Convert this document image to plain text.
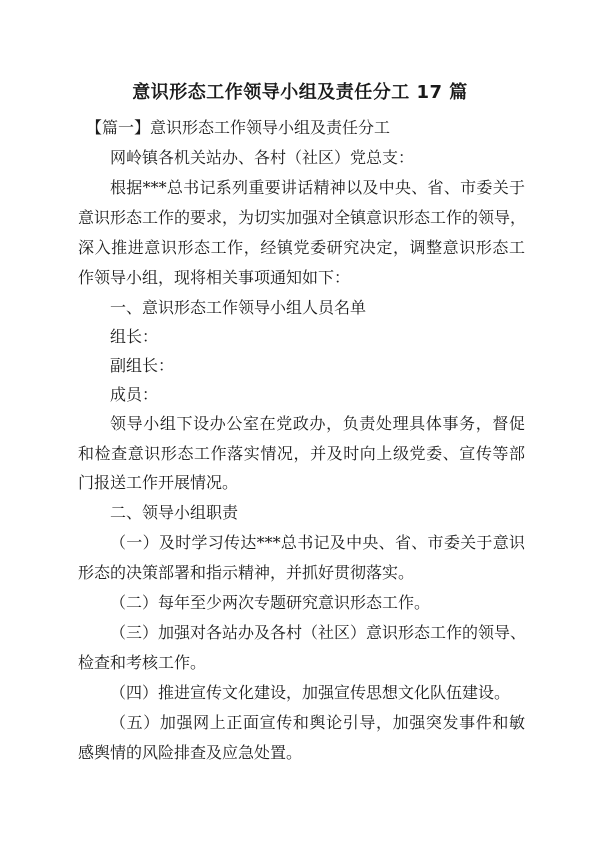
意识形态工作领导小组及责任分工 17 篇
【篇一】意识形态工作领导小组及责任分工
网岭镇各机关站办、各村（社区）党总支：
根据***总书记系列重要讲话精神以及中央、省、市委关于
意识形态工作的要求，为切实加强对全镇意识形态工作的领导，
深入推进意识形态工作，经镇党委研究决定，调整意识形态工
作领导小组，现将相关事项通知如下：
一、意识形态工作领导小组人员名单
组长：
副组长：
成员：
领导小组下设办公室在党政办，负责处理具体事务，督促
和检查意识形态工作落实情况，并及时向上级党委、宣传等部
门报送工作开展情况。
二、领导小组职责
（一）及时学习传达***总书记及中央、省、市委关于意识
形态的决策部署和指示精神，并抓好贯彻落实。
（二）每年至少两次专题研究意识形态工作。
（三）加强对各站办及各村（社区）意识形态工作的领导、
检查和考核工作。
（四）推进宣传文化建设，加强宣传思想文化队伍建设。
（五）加强网上正面宣传和舆论引导，加强突发事件和敏
感舆情的风险排查及应急处置。
